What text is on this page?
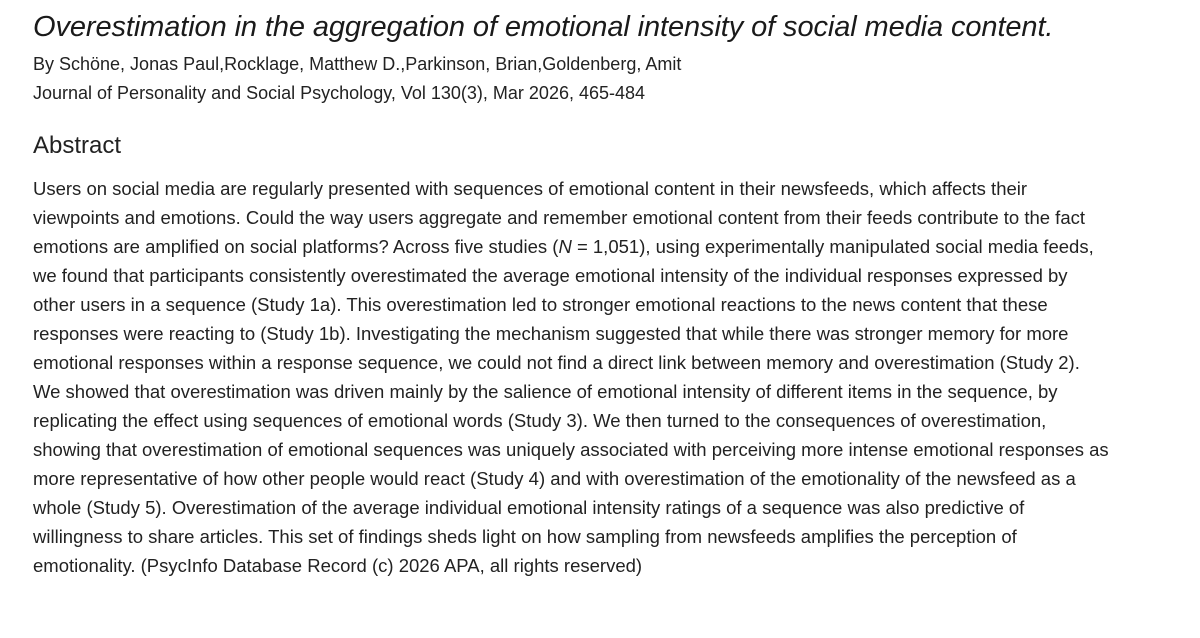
Overestimation in the aggregation of emotional intensity of social media content.
By Schöne, Jonas Paul,Rocklage, Matthew D.,Parkinson, Brian,Goldenberg, Amit
Journal of Personality and Social Psychology, Vol 130(3), Mar 2026, 465-484
Abstract
Users on social media are regularly presented with sequences of emotional content in their newsfeeds, which affects their
viewpoints and emotions. Could the way users aggregate and remember emotional content from their feeds contribute to the fact
emotions are amplified on social platforms? Across five studies (N = 1,051), using experimentally manipulated social media feeds,
we found that participants consistently overestimated the average emotional intensity of the individual responses expressed by
other users in a sequence (Study 1a). This overestimation led to stronger emotional reactions to the news content that these
responses were reacting to (Study 1b). Investigating the mechanism suggested that while there was stronger memory for more
emotional responses within a response sequence, we could not find a direct link between memory and overestimation (Study 2).
We showed that overestimation was driven mainly by the salience of emotional intensity of different items in the sequence, by
replicating the effect using sequences of emotional words (Study 3). We then turned to the consequences of overestimation,
showing that overestimation of emotional sequences was uniquely associated with perceiving more intense emotional responses as
more representative of how other people would react (Study 4) and with overestimation of the emotionality of the newsfeed as a
whole (Study 5). Overestimation of the average individual emotional intensity ratings of a sequence was also predictive of
willingness to share articles. This set of findings sheds light on how sampling from newsfeeds amplifies the perception of
emotionality. (PsycInfo Database Record (c) 2026 APA, all rights reserved)
